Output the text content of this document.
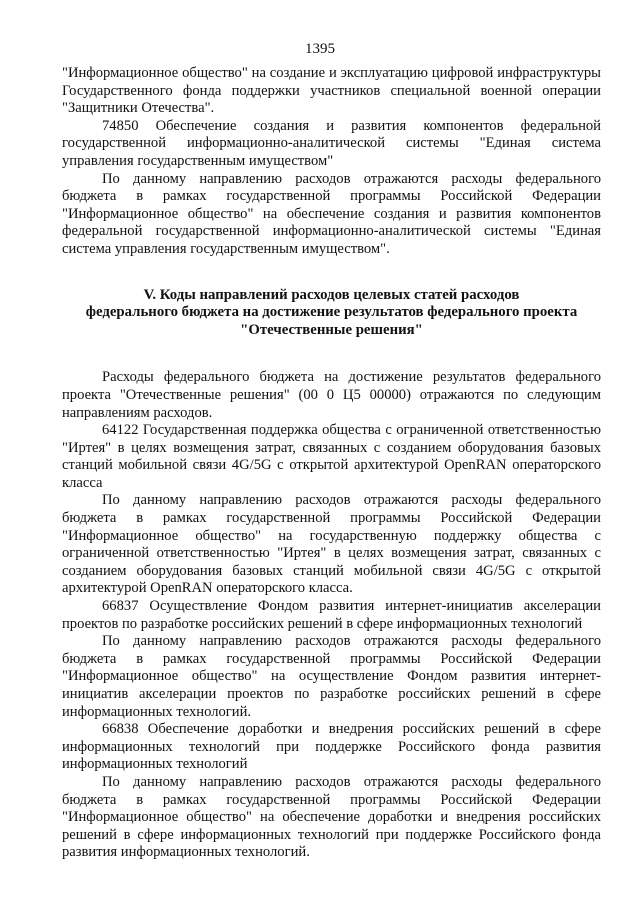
1395

"Информационное общество" на создание и эксплуатацию цифровой инфраструктуры Государственного фонда поддержки участников специальной военной операции "Защитники Отечества".

74850 Обеспечение создания и развития компонентов федеральной государственной информационно-аналитической системы "Единая система управления государственным имуществом"

По данному направлению расходов отражаются расходы федерального бюджета в рамках государственной программы Российской Федерации "Информационное общество" на обеспечение создания и развития компонентов федеральной государственной информационно-аналитической системы "Единая система управления государственным имуществом".

V. Коды направлений расходов целевых статей расходов
федерального бюджета на достижение результатов федерального проекта
"Отечественные решения"

Расходы федерального бюджета на достижение результатов федерального проекта "Отечественные решения" (00 0 Ц5 00000) отражаются по следующим направлениям расходов.

64122 Государственная поддержка общества с ограниченной ответственностью "Иртея" в целях возмещения затрат, связанных с созданием оборудования базовых станций мобильной связи 4G/5G с открытой архитектурой OpenRAN операторского класса

По данному направлению расходов отражаются расходы федерального бюджета в рамках государственной программы Российской Федерации "Информационное общество" на государственную поддержку общества с ограниченной ответственностью "Иртея" в целях возмещения затрат, связанных с созданием оборудования базовых станций мобильной связи 4G/5G с открытой архитектурой OpenRAN операторского класса.

66837 Осуществление Фондом развития интернет-инициатив акселерации проектов по разработке российских решений в сфере информационных технологий

По данному направлению расходов отражаются расходы федерального бюджета в рамках государственной программы Российской Федерации "Информационное общество" на осуществление Фондом развития интернет-инициатив акселерации проектов по разработке российских решений в сфере информационных технологий.

66838 Обеспечение доработки и внедрения российских решений в сфере информационных технологий при поддержке Российского фонда развития информационных технологий

По данному направлению расходов отражаются расходы федерального бюджета в рамках государственной программы Российской Федерации "Информационное общество" на обеспечение доработки и внедрения российских решений в сфере информационных технологий при поддержке Российского фонда развития информационных технологий.
